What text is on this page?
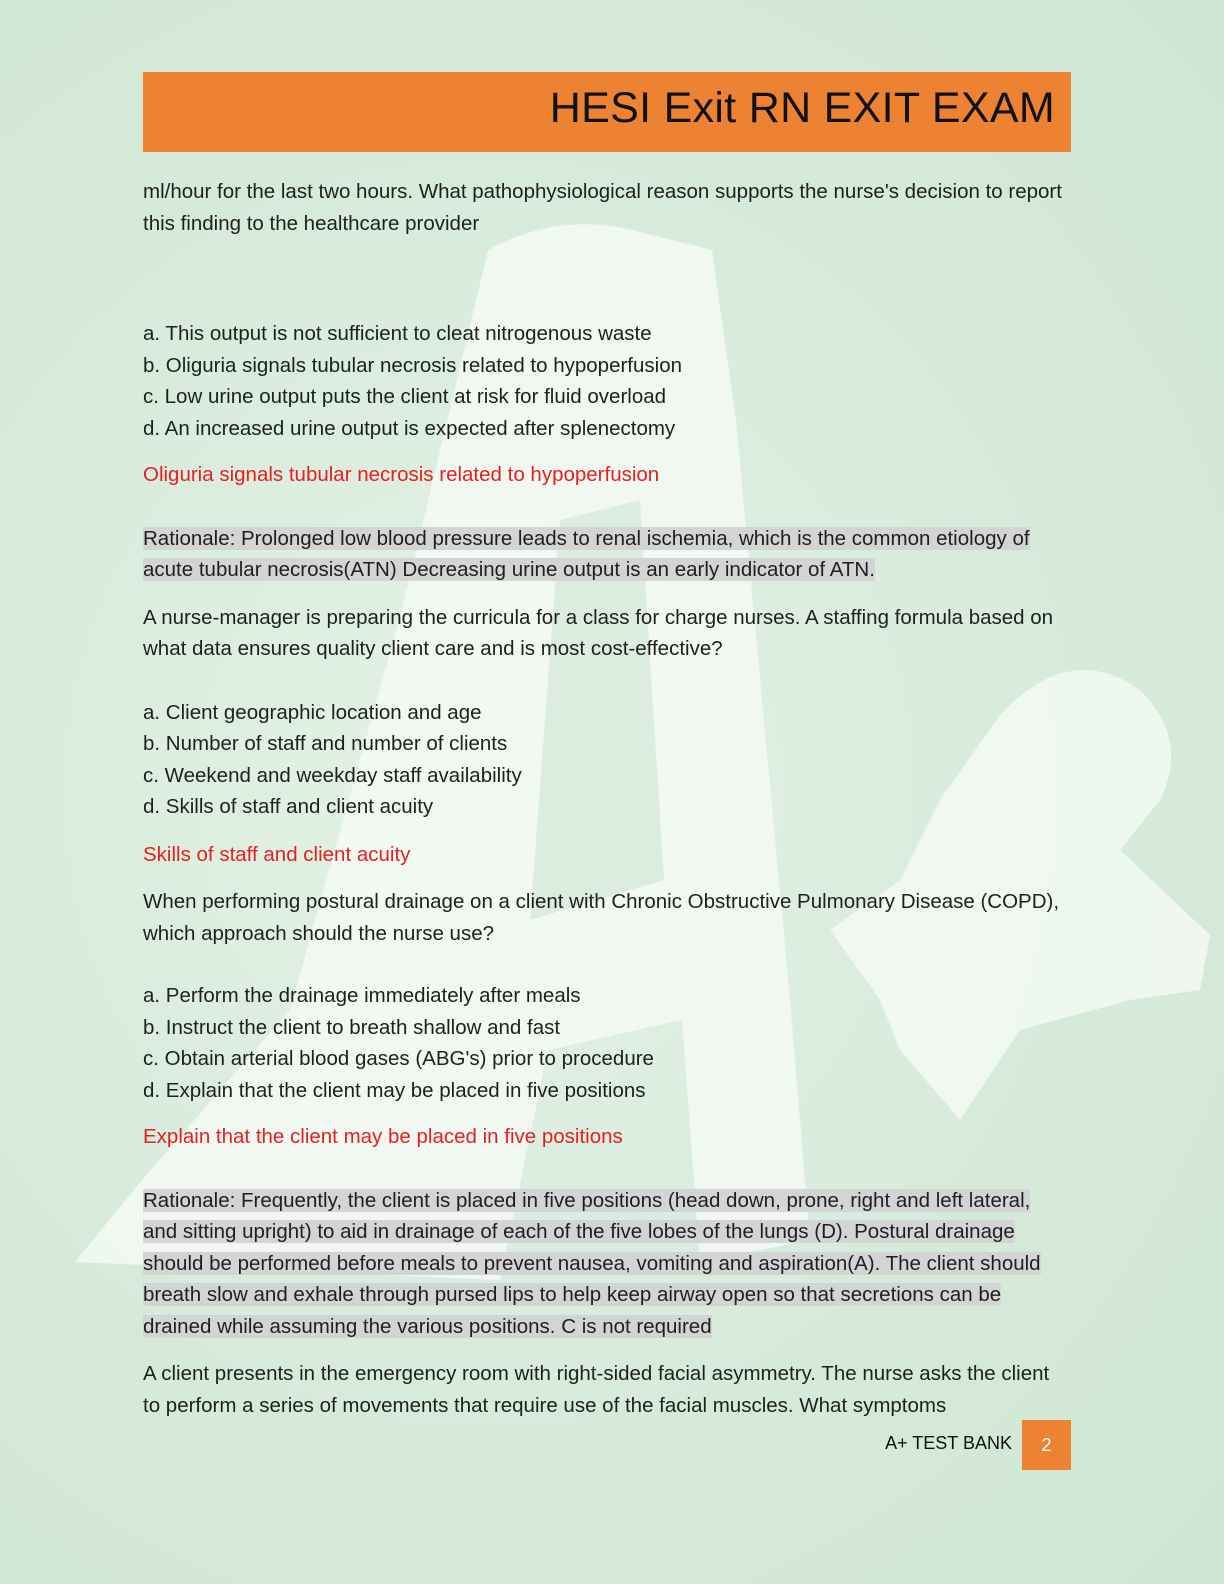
HESI Exit RN EXIT EXAM

ml/hour for the last two hours. What pathophysiological reason supports the nurse's decision to report this finding to the healthcare provider

a. This output is not sufficient to cleat nitrogenous waste
b. Oliguria signals tubular necrosis related to hypoperfusion
c. Low urine output puts the client at risk for fluid overload
d. An increased urine output is expected after splenectomy

Oliguria signals tubular necrosis related to hypoperfusion

Rationale: Prolonged low blood pressure leads to renal ischemia, which is the common etiology of acute tubular necrosis(ATN) Decreasing urine output is an early indicator of ATN.

A nurse-manager is preparing the curricula for a class for charge nurses. A staffing formula based on what data ensures quality client care and is most cost-effective?

a. Client geographic location and age
b. Number of staff and number of clients
c. Weekend and weekday staff availability
d. Skills of staff and client acuity

Skills of staff and client acuity

When performing postural drainage on a client with Chronic Obstructive Pulmonary Disease (COPD), which approach should the nurse use?

a. Perform the drainage immediately after meals
b. Instruct the client to breath shallow and fast
c. Obtain arterial blood gases (ABG's) prior to procedure
d. Explain that the client may be placed in five positions

Explain that the client may be placed in five positions

Rationale: Frequently, the client is placed in five positions (head down, prone, right and left lateral, and sitting upright) to aid in drainage of each of the five lobes of the lungs (D). Postural drainage should be performed before meals to prevent nausea, vomiting and aspiration(A). The client should breath slow and exhale through pursed lips to help keep airway open so that secretions can be drained while assuming the various positions. C is not required

A client presents in the emergency room with right-sided facial asymmetry. The nurse asks the client to perform a series of movements that require use of the facial muscles. What symptoms

A+ TEST BANK	2
